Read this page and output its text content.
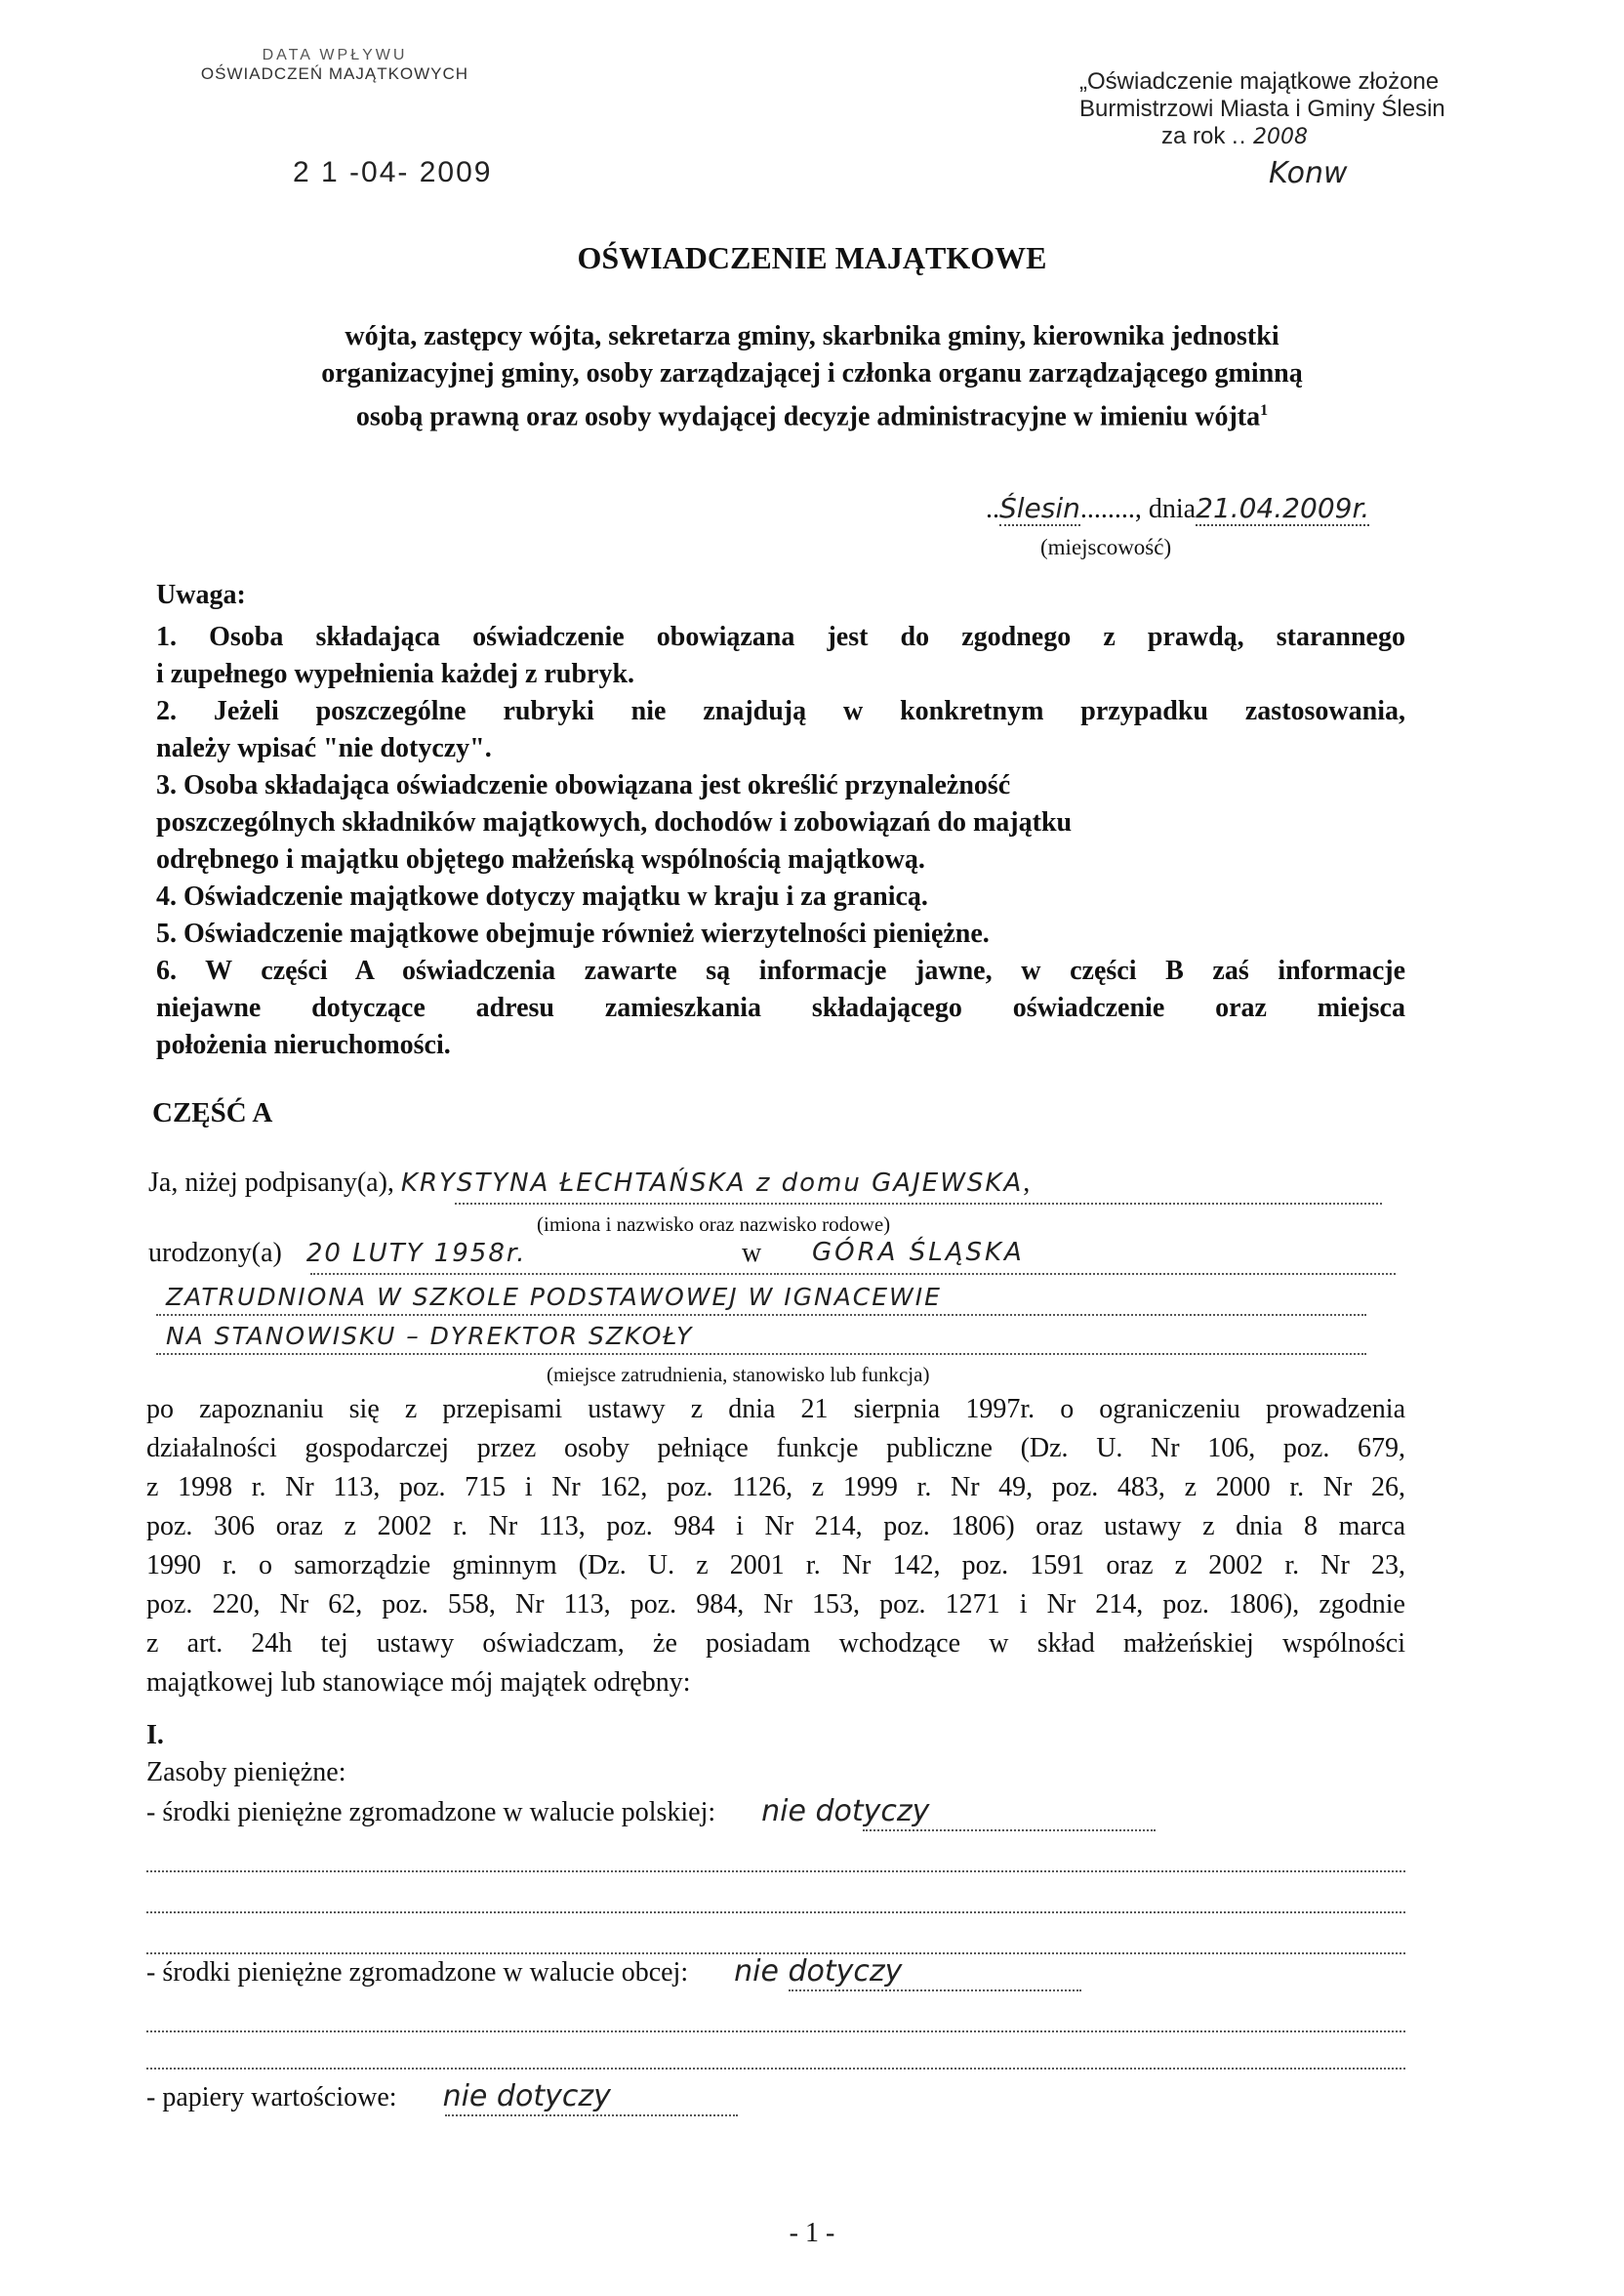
DATA WPŁYWU
OŚWIADCZEŃ MAJĄTKOWYCH
2 1 -04- 2009
„Oświadczenie majątkowe złożone
Burmistrzowi Miasta i Gminy Ślesin
za rok .. 2008
Konw
OŚWIADCZENIE MAJĄTKOWE
wójta, zastępcy wójta, sekretarza gminy, skarbnika gminy, kierownika jednostki
organizacyjnej gminy, osoby zarządzającej i członka organu zarządzającego gminną
osobą prawną oraz osoby wydającej decyzje administracyjne w imieniu wójta$^1$
..Ślesin........, dnia21.04.2009r.
(miejscowość)
Uwaga:
1. Osoba składająca oświadczenie obowiązana jest do zgodnego z prawdą, starannego
i zupełnego wypełnienia każdej z rubryk.
2. Jeżeli poszczególne rubryki nie znajdują w konkretnym przypadku zastosowania,
należy wpisać "nie dotyczy".
3. Osoba składająca oświadczenie obowiązana jest określić przynależność
poszczególnych składników majątkowych, dochodów i zobowiązań do majątku
odrębnego i majątku objętego małżeńską wspólnością majątkową.
4. Oświadczenie majątkowe dotyczy majątku w kraju i za granicą.
5. Oświadczenie majątkowe obejmuje również wierzytelności pieniężne.
6. W części A oświadczenia zawarte są informacje jawne, w części B zaś informacje
niejawne dotyczące adresu zamieszkania składającego oświadczenie oraz miejsca
położenia nieruchomości.
CZĘŚĆ A
Ja, niżej podpisany(a), KRYSTYNA ŁECHTAŃSKA z domu GAJEWSKA,
(imiona i nazwisko oraz nazwisko rodowe)
urodzony(a) 20 LUTY 1958r.	w GÓRA ŚLĄSKA
ZATRUDNIONA W SZKOLE PODSTAWOWEJ W IGNACEWIE
NA STANOWISKU – DYREKTOR SZKOŁY
(miejsce zatrudnienia, stanowisko lub funkcja)
po zapoznaniu się z przepisami ustawy z dnia 21 sierpnia 1997r. o ograniczeniu prowadzenia
działalności gospodarczej przez osoby pełniące funkcje publiczne (Dz. U. Nr 106, poz. 679,
z 1998 r. Nr 113, poz. 715 i Nr 162, poz. 1126, z 1999 r. Nr 49, poz. 483, z 2000 r. Nr 26,
poz. 306 oraz z 2002 r. Nr 113, poz. 984 i Nr 214, poz. 1806) oraz ustawy z dnia 8 marca
1990 r. o samorządzie gminnym (Dz. U. z 2001 r. Nr 142, poz. 1591 oraz z 2002 r. Nr 23,
poz. 220, Nr 62, poz. 558, Nr 113, poz. 984, Nr 153, poz. 1271 i Nr 214, poz. 1806), zgodnie
z art. 24h tej ustawy oświadczam, że posiadam wchodzące w skład małżeńskiej wspólności
majątkowej lub stanowiące mój majątek odrębny:
I.
Zasoby pieniężne:
- środki pieniężne zgromadzone w walucie polskiej: nie dotyczy
- środki pieniężne zgromadzone w walucie obcej: nie dotyczy
- papiery wartościowe: nie dotyczy
- 1 -
